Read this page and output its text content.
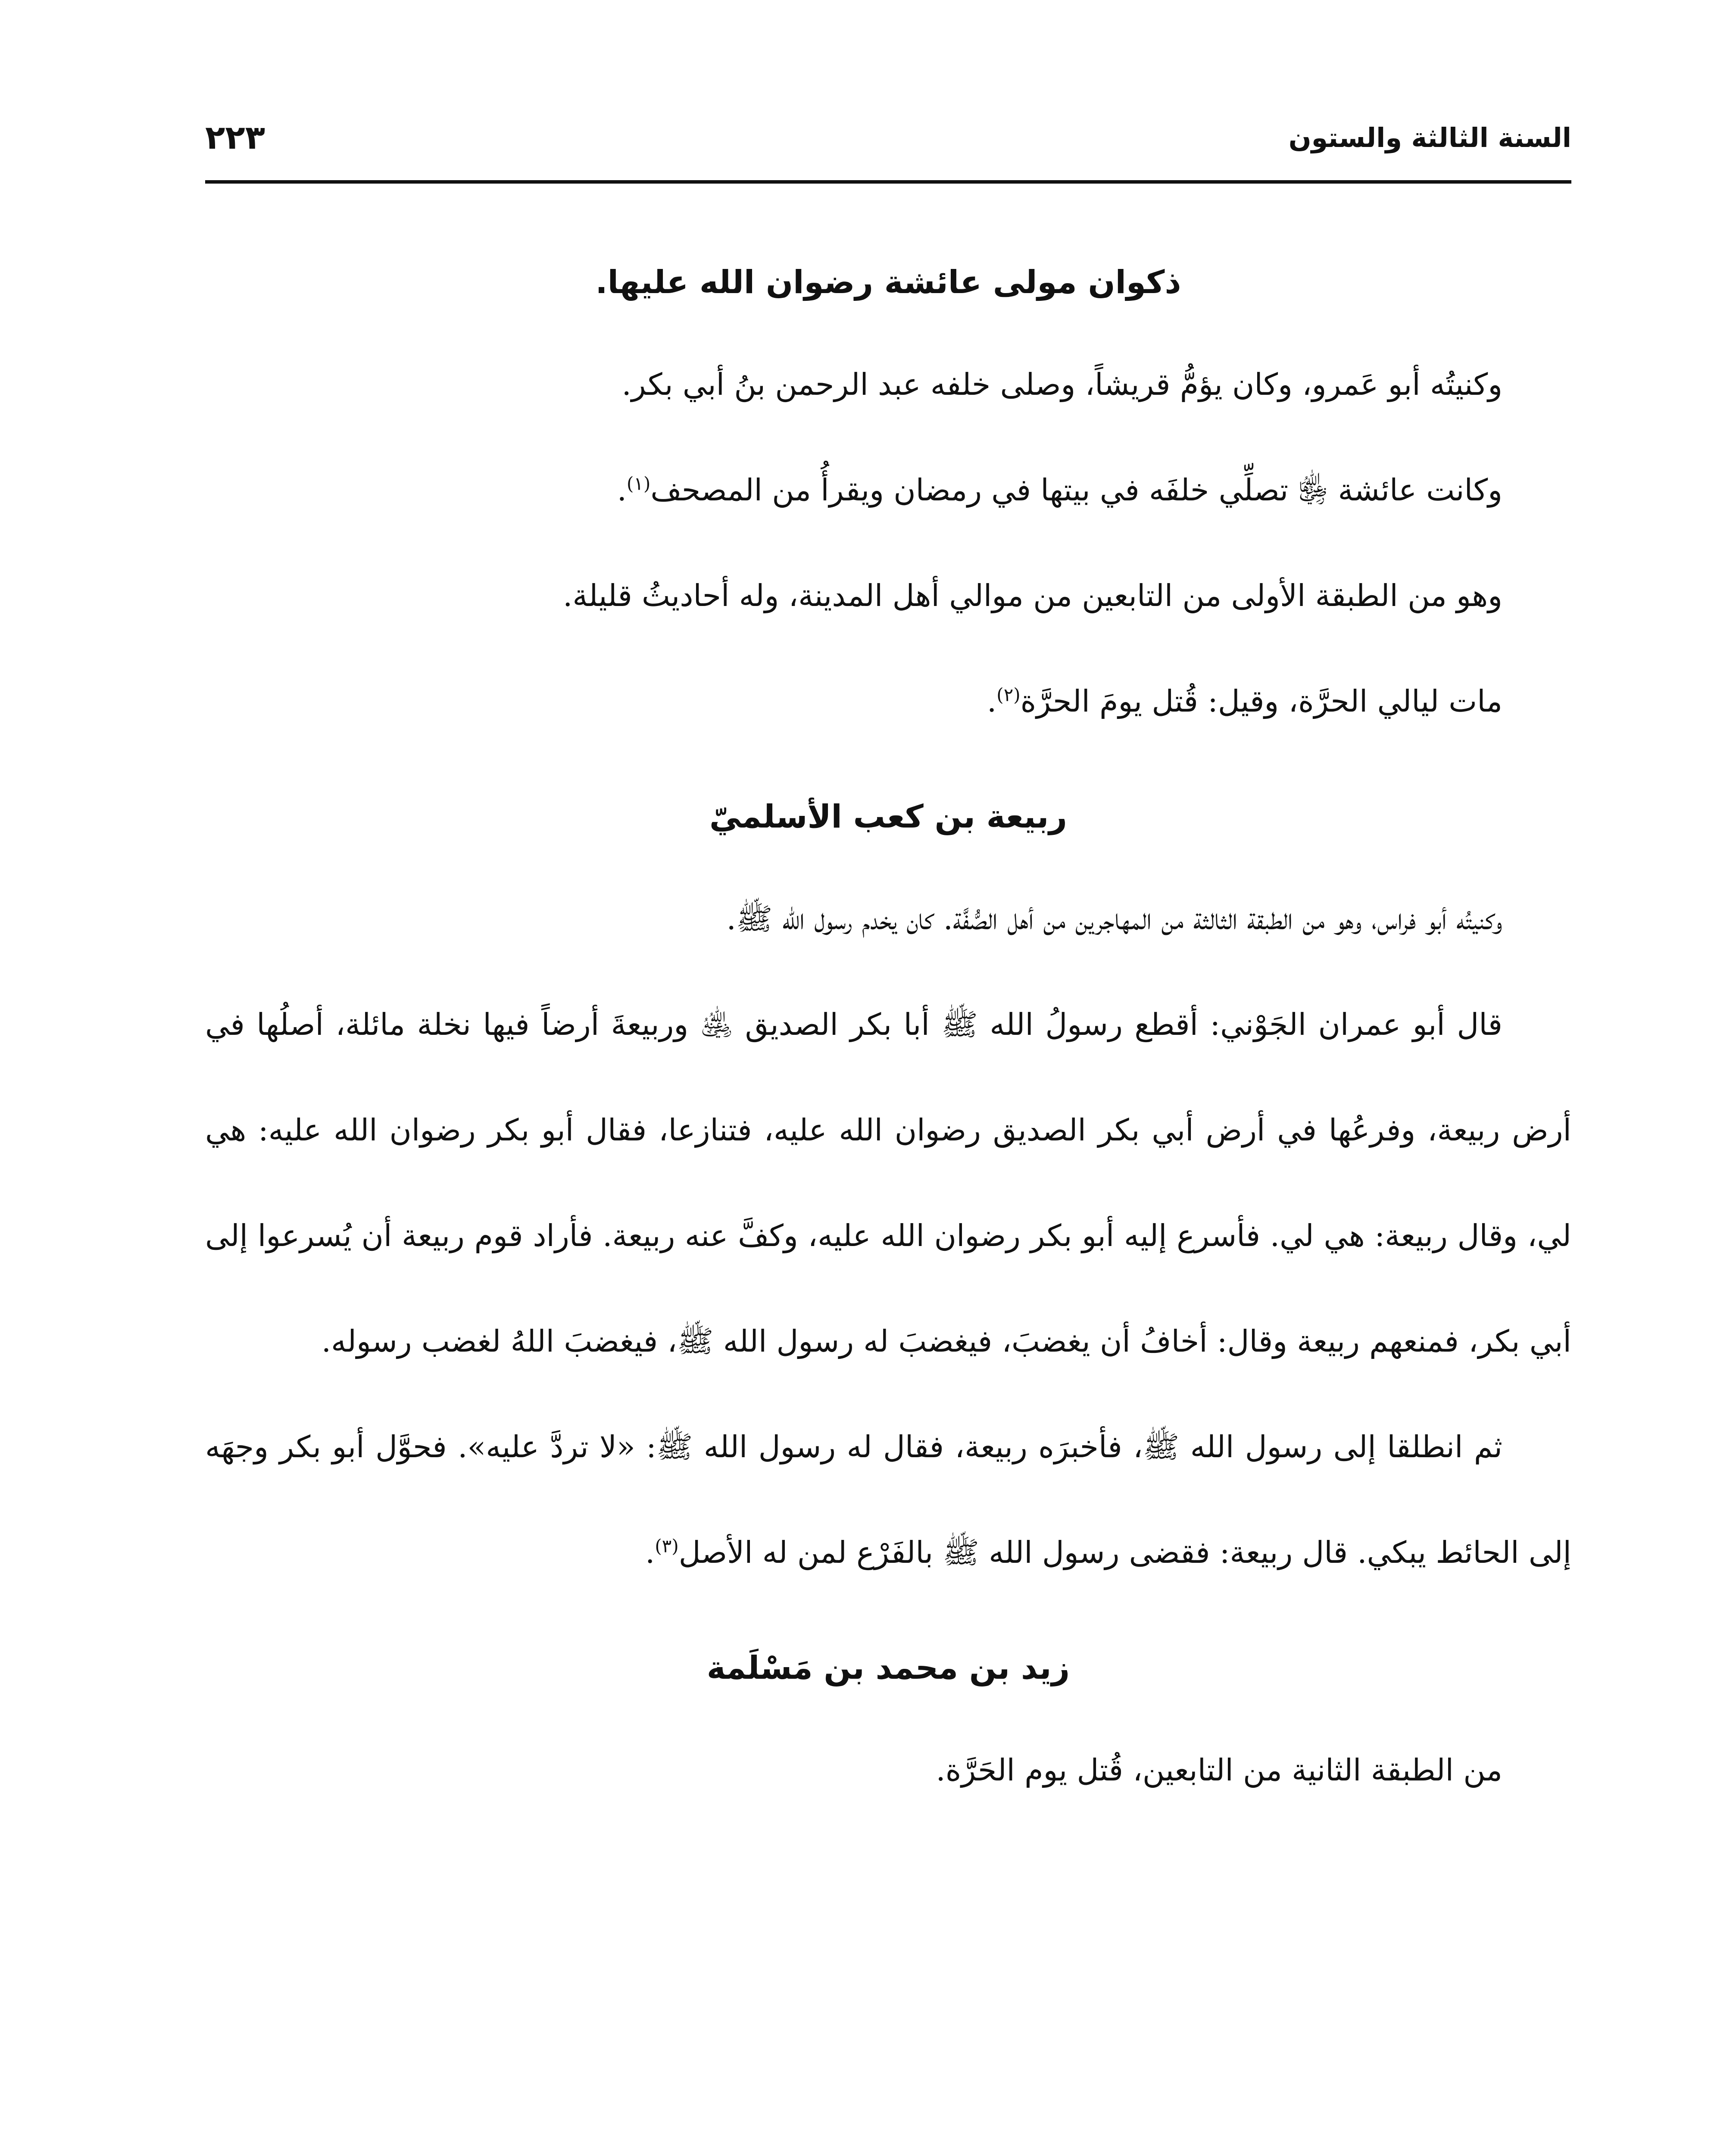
السنة الثالثة والستون
٢٢٣
ذكوان مولى عائشة رضوان الله عليها.

وكنيتُه أبو عَمرو، وكان يؤمُّ قريشاً، وصلى خلفه عبد الرحمن بنُ أبي بكر.

وكانت عائشة ﵂ تصلِّي خلفَه في بيتها في رمضان ويقرأُ من المصحف$^{(١)}$.

وهو من الطبقة الأولى من التابعين من موالي أهل المدينة، وله أحاديثُ قليلة.

مات ليالي الحرَّة، وقيل: قُتل يومَ الحرَّة$^{(٢)}$.

ربيعة بن كعب الأسلميّ

وكنيتُه أبو فراس، وهو من الطبقة الثالثة من المهاجرين من أهل الصُّفَّة. كان يخدم رسول الله ﷺ.

قال أبو عمران الجَوْني: أقطع رسولُ الله ﷺ أبا بكر الصديق ﵁ وربيعةَ أرضاً فيها نخلة مائلة، أصلُها في أرض ربيعة، وفرعُها في أرض أبي بكر الصديق رضوان الله عليه، فتنازعا، فقال أبو بكر رضوان الله عليه: هي لي، وقال ربيعة: هي لي. فأسرع إليه أبو بكر رضوان الله عليه، وكفَّ عنه ربيعة. فأراد قوم ربيعة أن يُسرعوا إلى أبي بكر، فمنعهم ربيعة وقال: أخافُ أن يغضبَ، فيغضبَ له رسول الله ﷺ، فيغضبَ اللهُ لغضب رسوله.

ثم انطلقا إلى رسول الله ﷺ، فأخبرَه ربيعة، فقال له رسول الله ﷺ: «لا تردَّ عليه». فحوَّل أبو بكر وجهَه إلى الحائط يبكي. قال ربيعة: فقضى رسول الله ﷺ بالفَرْع لمن له الأصل$^{(٣)}$.

زيد بن محمد بن مَسْلَمة

من الطبقة الثانية من التابعين، قُتل يوم الحَرَّة.
